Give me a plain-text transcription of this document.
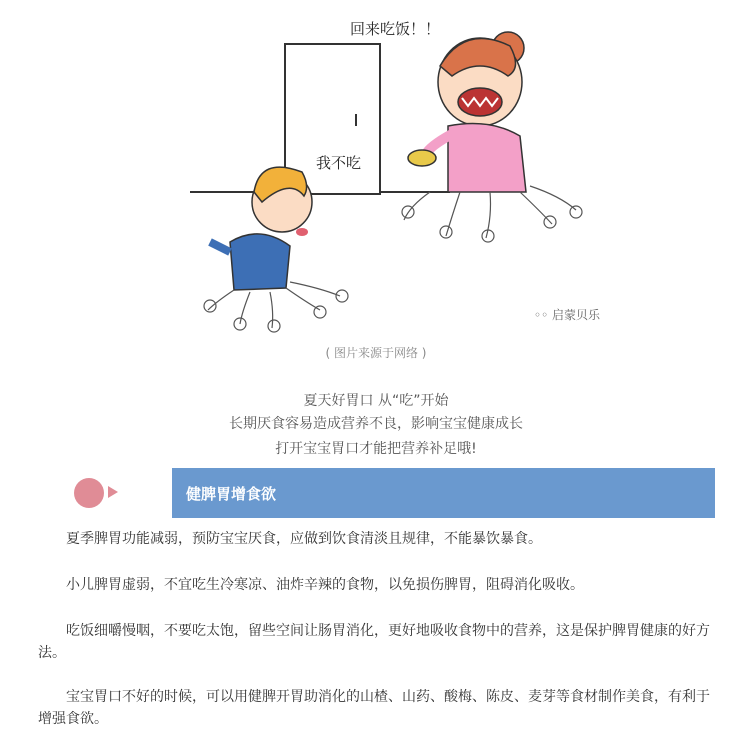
回来吃饭！！
我不吃
◦◦ 启蒙贝乐
( 图片来源于网络 )
夏天好胃口 从“吃”开始
长期厌食容易造成营养不良，影响宝宝健康成长
打开宝宝胃口才能把营养补足哦!
健脾胃增食欲
夏季脾胃功能减弱，预防宝宝厌食，应做到饮食清淡且规律，不能暴饮暴食。
小儿脾胃虚弱，不宜吃生冷寒凉、油炸辛辣的食物，以免损伤脾胃，阻碍消化吸收。
吃饭细嚼慢咽，不要吃太饱，留些空间让肠胃消化，更好地吸收食物中的营养，这是保护脾胃健康的好方法。
宝宝胃口不好的时候，可以用健脾开胃助消化的山楂、山药、酸梅、陈皮、麦芽等食材制作美食，有利于增强食欲。
